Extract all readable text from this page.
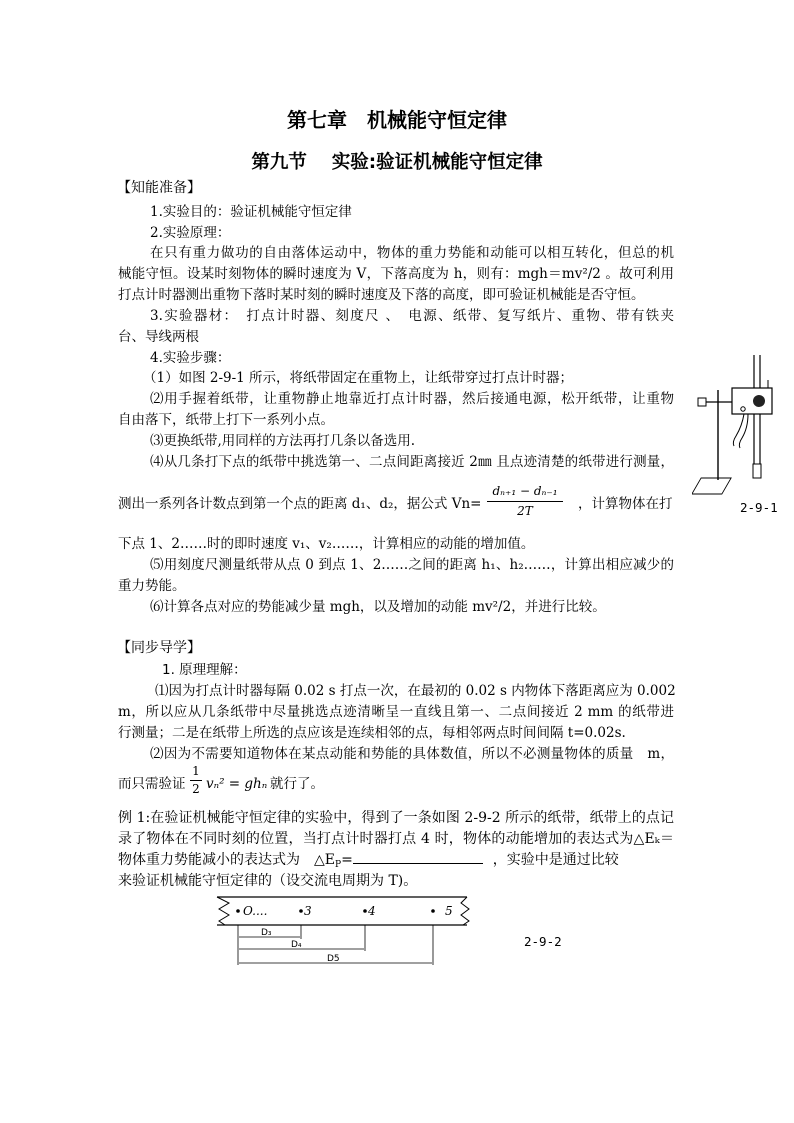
第七章　机械能守恒定律
第九节　 实验:验证机械能守恒定律
【知能准备】
1.实验目的：验证机械能守恒定律
2.实验原理：
在只有重力做功的自由落体运动中，物体的重力势能和动能可以相互转化，但总的机
械能守恒。设某时刻物体的瞬时速度为 V，下落高度为 h，则有：mgh＝mv²/2 。故可利用
打点计时器测出重物下落时某时刻的瞬时速度及下落的高度，即可验证机械能是否守恒。
3.实验器材：　打点计时器、刻度尺 、　电源、纸带、复写纸片、重物、带有铁夹
台、导线两根
4.实验步骤：
（1）如图 2-9-1 所示，将纸带固定在重物上，让纸带穿过打点计时器；
⑵用手握着纸带，让重物静止地靠近打点计时器，然后接通电源，松开纸带，让重物
自由落下，纸带上打下一系列小点。
⑶更换纸带,用同样的方法再打几条以备选用.
⑷从几条打下点的纸带中挑选第一、二点间距离接近 2㎜ 且点迹清楚的纸带进行测量，
测出一系列各计数点到第一个点的距离 d₁、d₂，据公式 Vn=
dₙ₊₁ − dₙ₋₁
2T	，计算物体在打
下点 1、2……时的即时速度 v₁、v₂……，计算相应的动能的增加值。
⑸用刻度尺测量纸带从点 0 到点 1、2……之间的距离 h₁、h₂……，计算出相应减少的
重力势能。
⑹计算各点对应的势能减少量 mgh，以及增加的动能 mv²/2，并进行比较。
2-9-1
【同步导学】
1. 原理理解：
⑴因为打点计时器每隔 0.02 s 打点一次，在最初的 0.02 s 内物体下落距离应为 0.002
m，所以应从几条纸带中尽量挑选点迹清晰呈一直线且第一、二点间接近 2 mm 的纸带进
行测量；二是在纸带上所选的点应该是连续相邻的点，每相邻两点时间间隔 t=0.02s.
⑵因为不需要知道物体在某点动能和势能的具体数值，所以不必测量物体的质量　m，
而只需验证
1
2 vₙ² = ghₙ 就行了。
例 1:在验证机械能守恒定律的实验中，得到了一条如图 2-9-2 所示的纸带，纸带上的点记
录了物体在不同时刻的位置，当打点计时器打点 4 时，物体的动能增加的表达式为△Eₖ＝
物体重力势能减小的表达式为　$\triangle E_P=$	，实验中是通过比较
来验证机械能守恒定律的（设交流电周期为 T)。
O....	3	4	5
D₃
D₄
D5
2-9-2
